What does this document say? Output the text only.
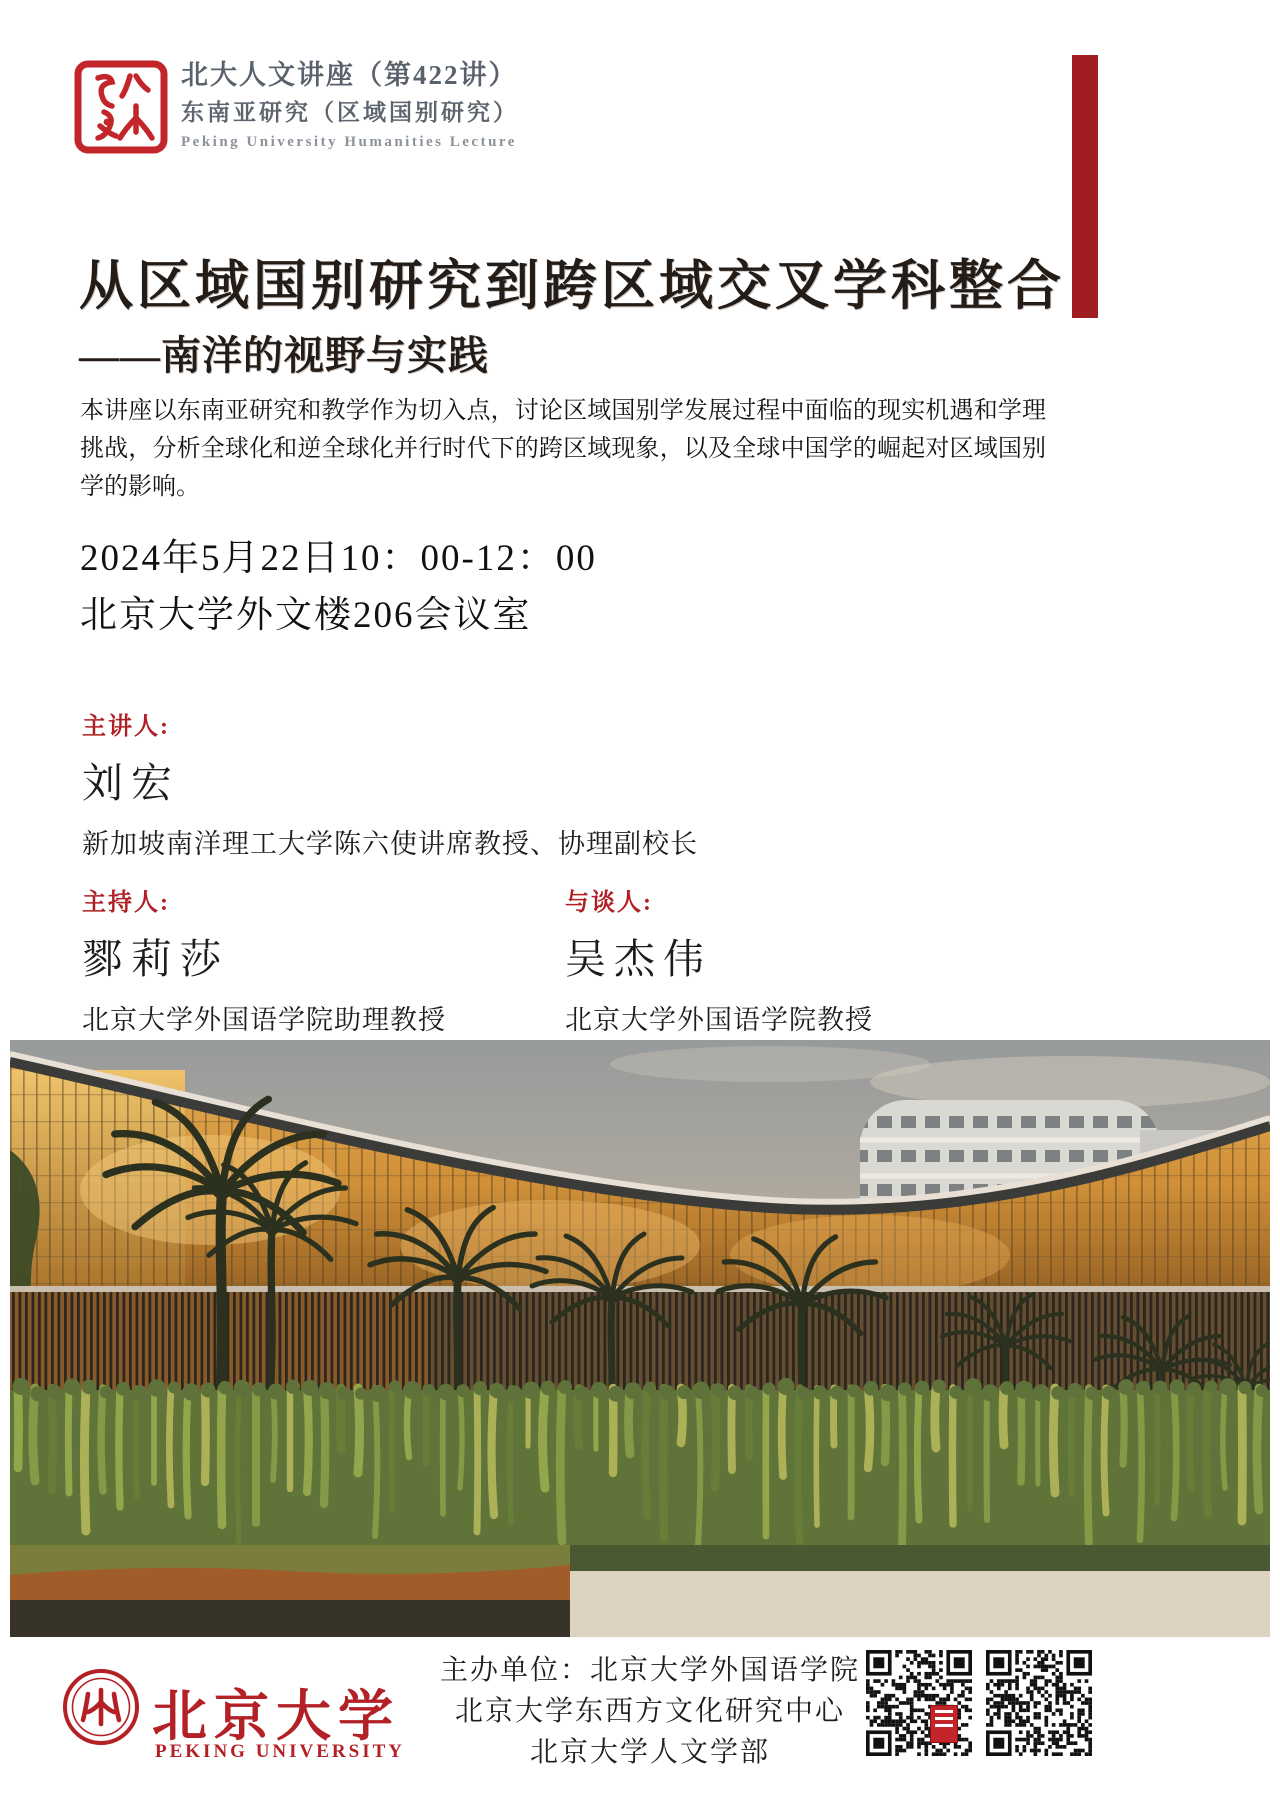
北大人文讲座（第422讲）
东南亚研究（区域国别研究）
Peking University Humanities Lecture
从区域国别研究到跨区域交叉学科整合
——南洋的视野与实践
本讲座以东南亚研究和教学作为切入点，讨论区域国别学发展过程中面临的现实机遇和学理挑战，分析全球化和逆全球化并行时代下的跨区域现象，以及全球中国学的崛起对区域国别学的影响。
2024年5月22日10：00-12：00
北京大学外文楼206会议室
主讲人:
刘宏
新加坡南洋理工大学陈六使讲席教授、协理副校长
主持人:
鄝莉莎
北京大学外国语学院助理教授
与谈人:
吴杰伟
北京大学外国语学院教授
北京大学
PEKING UNIVERSITY
主办单位：北京大学外国语学院
北京大学东西方文化研究中心
北京大学人文学部
